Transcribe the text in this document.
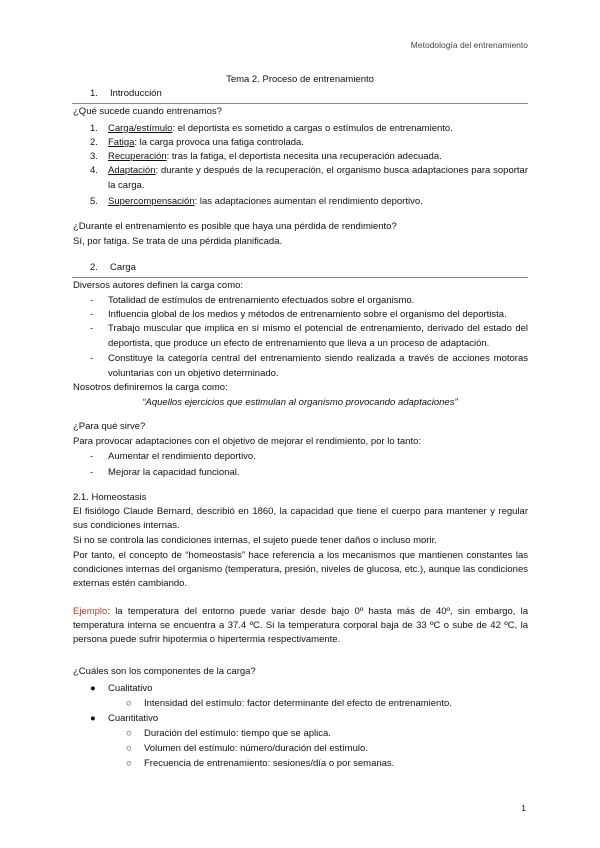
Metodología del entrenamiento
Tema 2. Proceso de entrenamiento
1. Introducción
¿Qué sucede cuando entrenamos?
1. Carga/estímulo: el deportista es sometido a cargas o estímulos de entrenamiento.
2. Fatiga: la carga provoca una fatiga controlada.
3. Recuperación: tras la fatiga, el deportista necesita una recuperación adecuada.
4. Adaptación: durante y después de la recuperación, el organismo busca adaptaciones para soportar la carga.
5. Supercompensación: las adaptaciones aumentan el rendimiento deportivo.
¿Durante el entrenamiento es posible que haya una pérdida de rendimiento?
Sí, por fatiga. Se trata de una pérdida planificada.
2. Carga
Diversos autores definen la carga como:
- Totalidad de estímulos de entrenamiento efectuados sobre el organismo.
- Influencia global de los medios y métodos de entrenamiento sobre el organismo del deportista.
- Trabajo muscular que implica en sí mismo el potencial de entrenamiento, derivado del estado del deportista, que produce un efecto de entrenamiento que lleva a un proceso de adaptación.
- Constituye la categoría central del entrenamiento siendo realizada a través de acciones motoras voluntarias con un objetivo determinado.
Nosotros definiremos la carga como:
“Aquellos ejercicios que estimulan al organismo provocando adaptaciones”
¿Para qué sirve?
Para provocar adaptaciones con el objetivo de mejorar el rendimiento, por lo tanto:
- Aumentar el rendimiento deportivo.
- Mejorar la capacidad funcional.
2.1. Homeostasis
El fisiólogo Claude Bernard, describió en 1860, la capacidad que tiene el cuerpo para mantener y regular sus condiciones internas.
Si no se controla las condiciones internas, el sujeto puede tener daños o incluso morir.
Por tanto, el concepto de “homeostasis” hace referencia a los mecanismos que mantienen constantes las condiciones internas del organismo (temperatura, presión, niveles de glucosa, etc.), aunque las condiciones externas estén cambiando.
Ejemplo: la temperatura del entorno puede variar desde bajo 0º hasta más de 40º, sin embargo, la temperatura interna se encuentra a 37.4 ºC. Si la temperatura corporal baja de 33 ºC o sube de 42 ºC, la persona puede sufrir hipotermia o hipertermia respectivamente.
¿Cuáles son los componentes de la carga?
● Cualitativo
○ Intensidad del estímulo: factor determinante del efecto de entrenamiento.
● Cuantitativo
○ Duración del estímulo: tiempo que se aplica.
○ Volumen del estímulo: número/duración del estímulo.
○ Frecuencia de entrenamiento: sesiones/día o por semanas.
1
